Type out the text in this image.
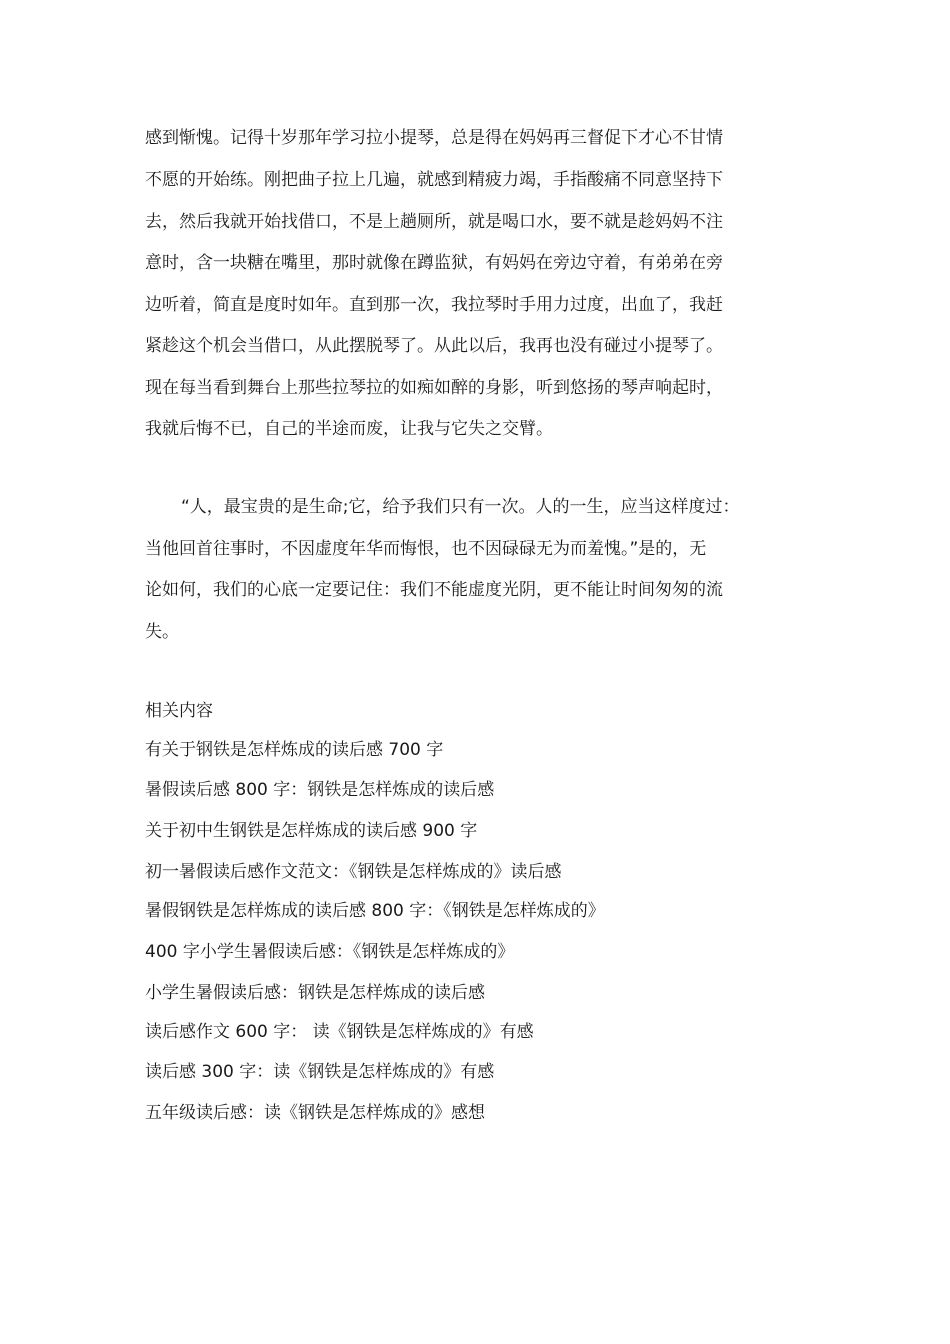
感到惭愧。记得十岁那年学习拉小提琴，总是得在妈妈再三督促下才心不甘情
不愿的开始练。刚把曲子拉上几遍，就感到精疲力竭，手指酸痛不同意坚持下
去，然后我就开始找借口，不是上趟厕所，就是喝口水，要不就是趁妈妈不注
意时，含一块糖在嘴里，那时就像在蹲监狱，有妈妈在旁边守着，有弟弟在旁
边听着，简直是度时如年。直到那一次，我拉琴时手用力过度，出血了，我赶
紧趁这个机会当借口，从此摆脱琴了。从此以后，我再也没有碰过小提琴了。
现在每当看到舞台上那些拉琴拉的如痴如醉的身影，听到悠扬的琴声响起时，
我就后悔不已，自己的半途而废，让我与它失之交臂。
“人，最宝贵的是生命;它，给予我们只有一次。人的一生，应当这样度过：
当他回首往事时，不因虚度年华而悔恨，也不因碌碌无为而羞愧。”是的，无
论如何，我们的心底一定要记住：我们不能虚度光阴，更不能让时间匆匆的流
失。
相关内容
有关于钢铁是怎样炼成的读后感 700 字
暑假读后感 800 字：钢铁是怎样炼成的读后感
关于初中生钢铁是怎样炼成的读后感 900 字
初一暑假读后感作文范文：《钢铁是怎样炼成的》读后感
暑假钢铁是怎样炼成的读后感 800 字：《钢铁是怎样炼成的》
400 字小学生暑假读后感：《钢铁是怎样炼成的》
小学生暑假读后感：钢铁是怎样炼成的读后感
读后感作文 600 字： 读《钢铁是怎样炼成的》有感
读后感 300 字：读《钢铁是怎样炼成的》有感
五年级读后感：读《钢铁是怎样炼成的》感想
